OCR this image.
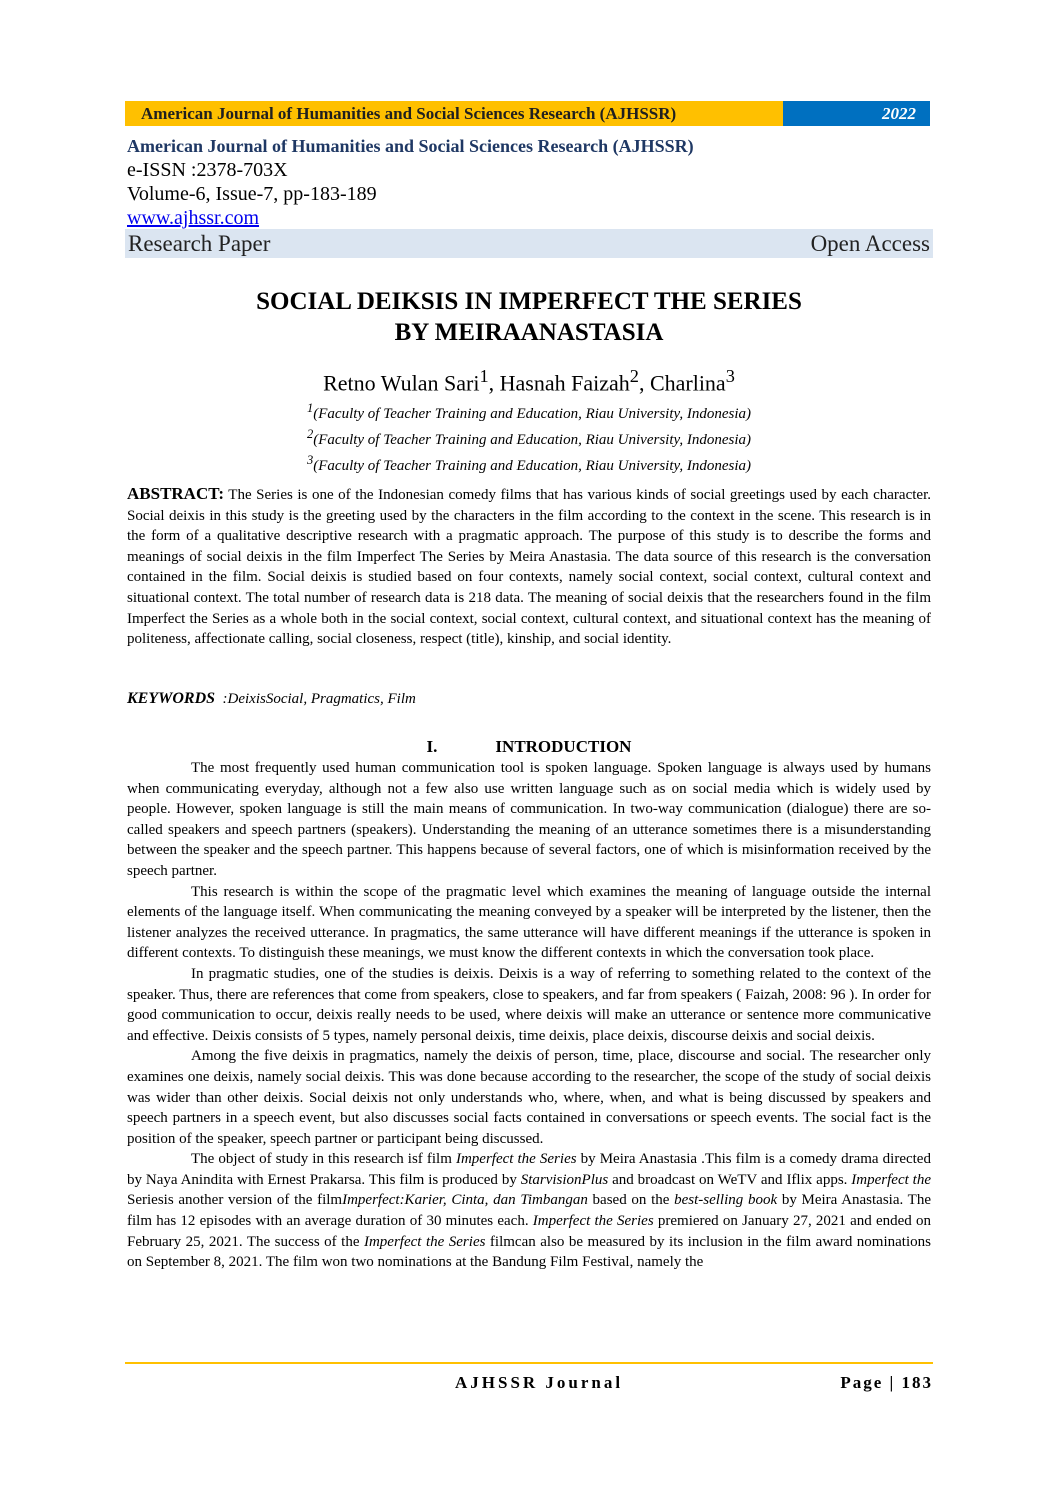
American Journal of Humanities and Social Sciences Research (AJHSSR)	2022
American Journal of Humanities and Social Sciences Research (AJHSSR)
e-ISSN :2378-703X
Volume-6, Issue-7, pp-183-189
www.ajhssr.com
Research Paper	Open Access
SOCIAL DEIKSIS IN IMPERFECT THE SERIES
BY MEIRAANASTASIA
Retno Wulan Sari$^1$, Hasnah Faizah$^2$, Charlina$^3$
$^1$(Faculty of Teacher Training and Education, Riau University, Indonesia)
$^2$(Faculty of Teacher Training and Education, Riau University, Indonesia)
$^3$(Faculty of Teacher Training and Education, Riau University, Indonesia)
ABSTRACT: The Series is one of the Indonesian comedy films that has various kinds of social greetings used by each character. Social deixis in this study is the greeting used by the characters in the film according to the context in the scene. This research is in the form of a qualitative descriptive research with a pragmatic approach. The purpose of this study is to describe the forms and meanings of social deixis in the film Imperfect The Series by Meira Anastasia. The data source of this research is the conversation contained in the film. Social deixis is studied based on four contexts, namely social context, social context, cultural context and situational context. The total number of research data is 218 data. The meaning of social deixis that the researchers found in the film Imperfect the Series as a whole both in the social context, social context, cultural context, and situational context has the meaning of politeness, affectionate calling, social closeness, respect (title), kinship, and social identity.
KEYWORDS :DeixisSocial, Pragmatics, Film
I.	INTRODUCTION

The most frequently used human communication tool is spoken language. Spoken language is always used by humans when communicating everyday, although not a few also use written language such as on social media which is widely used by people. However, spoken language is still the main means of communication. In two-way communication (dialogue) there are so-called speakers and speech partners (speakers). Understanding the meaning of an utterance sometimes there is a misunderstanding between the speaker and the speech partner. This happens because of several factors, one of which is misinformation received by the speech partner.

This research is within the scope of the pragmatic level which examines the meaning of language outside the internal elements of the language itself. When communicating the meaning conveyed by a speaker will be interpreted by the listener, then the listener analyzes the received utterance. In pragmatics, the same utterance will have different meanings if the utterance is spoken in different contexts. To distinguish these meanings, we must know the different contexts in which the conversation took place.

In pragmatic studies, one of the studies is deixis. Deixis is a way of referring to something related to the context of the speaker. Thus, there are references that come from speakers, close to speakers, and far from speakers ( Faizah, 2008: 96 ). In order for good communication to occur, deixis really needs to be used, where deixis will make an utterance or sentence more communicative and effective. Deixis consists of 5 types, namely personal deixis, time deixis, place deixis, discourse deixis and social deixis.

Among the five deixis in pragmatics, namely the deixis of person, time, place, discourse and social. The researcher only examines one deixis, namely social deixis. This was done because according to the researcher, the scope of the study of social deixis was wider than other deixis. Social deixis not only understands who, where, when, and what is being discussed by speakers and speech partners in a speech event, but also discusses social facts contained in conversations or speech events. The social fact is the position of the speaker, speech partner or participant being discussed.

The object of study in this research isf film Imperfect the Series by Meira Anastasia .This film is a comedy drama directed by Naya Anindita with Ernest Prakarsa. This film is produced by StarvisionPlus and broadcast on WeTV and Iflix apps. Imperfect the Seriesis another version of the filmImperfect:Karier, Cinta, dan Timbangan based on the best-selling book by Meira Anastasia. The film has 12 episodes with an average duration of 30 minutes each. Imperfect the Series premiered on January 27, 2021 and ended on February 25, 2021. The success of the Imperfect the Series filmcan also be measured by its inclusion in the film award nominations on September 8, 2021. The film won two nominations at the Bandung Film Festival, namely the

AJHSSR Journal	Page | 183
